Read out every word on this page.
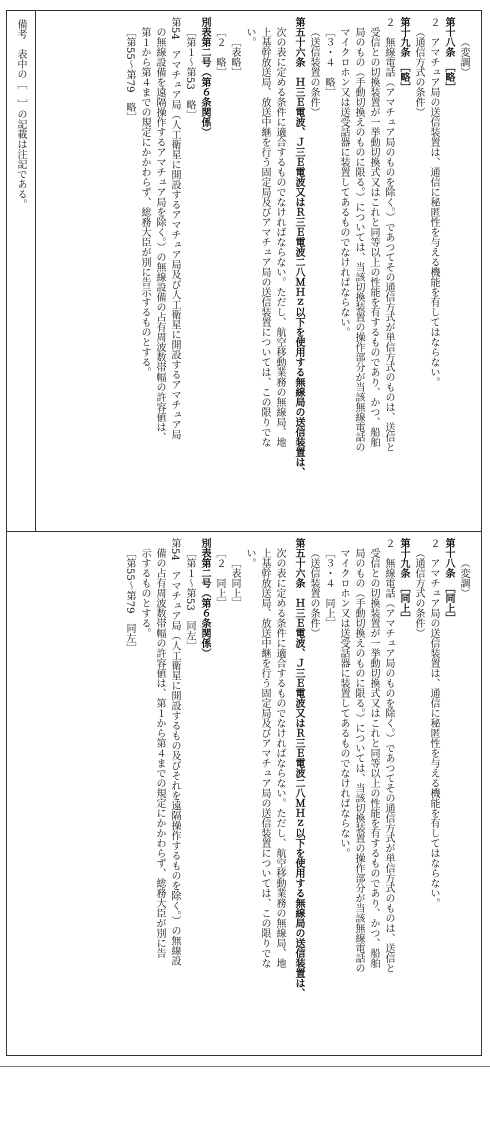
（変調）
第十八条　［略］
２　アマチュア局の送信装置は、通信に秘匿性を与える機能を有してはならない。
（通信方式の条件）
第十九条　［略］
２　無線電話（アマチュア局のものを除く。）であつてその通信方式が単信方式のものは、送信と
受信との切換装置が一挙動切換式又はこれと同等以上の性能を有するものであり、かつ、船舶
局のもの（手動切換えのものに限る。）については、当該切換装置の操作部分が当該無線電話の
マイクロホン又は送受話器に装置してあるものでなければならない。
［３・４　略］
（送信装置の条件）
第五十六条　Ｈ三Ｅ電波、Ｊ三Ｅ電波又はＲ三Ｅ電波二八ＭＨｚ以下を使用する無線局の送信装置は、
次の表に定める条件に適合するものでなければならない。ただし、航空移動業務の無線局、地
上基幹放送局、放送中継を行う固定局及びアマチュア局の送信装置については、この限りでな
い。
［表略］
［２　略］
別表第二号（第６条関係）
［第１～第53　略］
第54　アマチュア局（人工衛星に開設するアマチュア局及び人工衛星に開設するアマチュア局
の無線設備を遠隔操作するアマチュア局を除く。）の無線設備の占有周波数帯幅の許容値は、
第１から第４までの規定にかかわらず、総務大臣が別に告示するものとする。
［第55～第79　略］
備考　表中の［　］の記載は注記である。
（変調）
第十八条　［同上］
２　アマチュア局の送信装置は、通信に秘匿性を与える機能を有してはならない。
（通信方式の条件）
第十九条　［同上］
２　無線電話（アマチュア局のものを除く。）であつてその通信方式が単信方式のものは、送信と
受信との切換装置が一挙動切換式又はこれと同等以上の性能を有するものであり、かつ、船舶
局のもの（手動切換えのものに限る。）については、当該切換装置の操作部分が当該無線電話の
マイクロホン又は送受話器に装置してあるものでなければならない。
［３・４　同上］
（送信装置の条件）
第五十六条　Ｈ三Ｅ電波、Ｊ三Ｅ電波又はＲ三Ｅ電波二八ＭＨｚ以下を使用する無線局の送信装置は、
次の表に定める条件に適合するものでなければならない。ただし、航空移動業務の無線局、地
上基幹放送局、放送中継を行う固定局及びアマチュア局の送信装置については、この限りでな
い。
［表同上］
［２　同上］
別表第二号（第６条関係）
［第１～第53　同左］
第54　アマチュア局（人工衛星に開設するもの及びそれを遠隔操作するものを除く。）の無線設
備の占有周波数帯幅の許容値は、第１から第４までの規定にかかわらず、総務大臣が別に告
示するものとする。
［第55～第79　同左］
